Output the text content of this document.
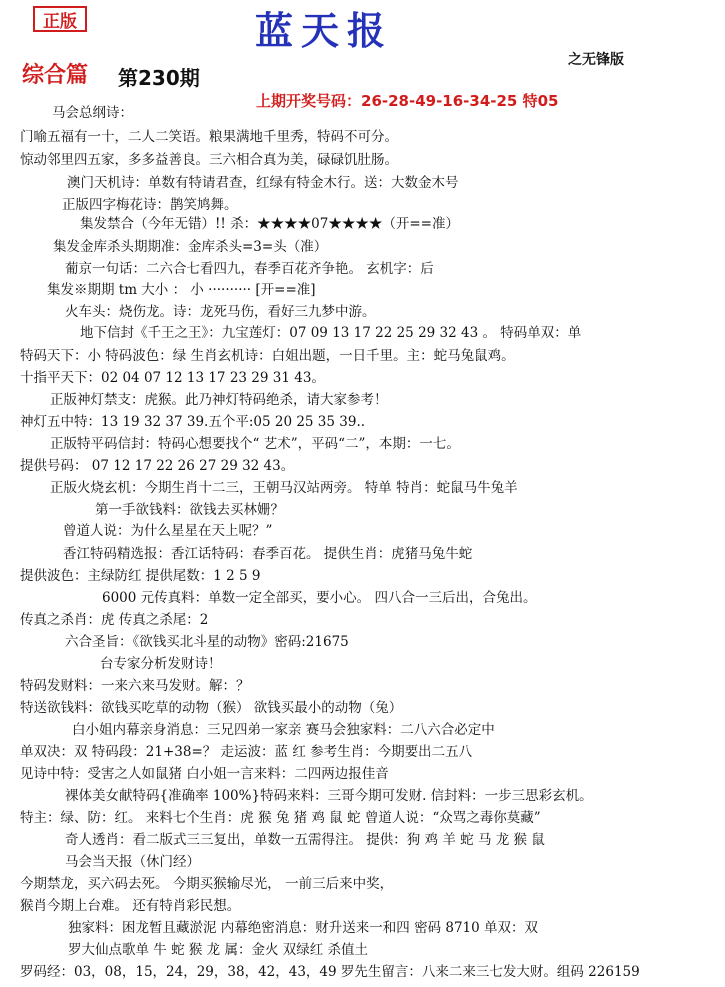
正版	蓝天报
之无锋版
综合篇 第230期
上期开奖号码：26-28-49-16-34-25 特05
马会总纲诗：
门喻五福有一十，二人二笑语。粮果满地千里秀，特码不可分。
惊动邻里四五家，多多益善良。三六相合真为美，碌碌饥肚肠。
澳门天机诗：单数有特请君查，红绿有特金木行。送：大数金木号
正版四字梅花诗：鹊笑鸠舞。
集发禁合（今年无错）!! 杀：★★★★07★★★★（开==准）
集发金库杀头期期准：金库杀头=3=头（准）
葡京一句话：二六合七看四九，春季百花齐争艳。 玄机字：后
集发※期期 tm 大小 ： 小 ·········· [开==准]
火车头：烧伤龙。诗：龙死马伤，看好三九梦中游。
地下信封《千王之王》：九宝莲灯：07 09 13 17 22 25 29 32 43 。 特码单双：单
特码天下：小 特码波色：绿 生肖玄机诗：白姐出题，一日千里。主：蛇马兔鼠鸡。
十指平天下：02 04 07 12 13 17 23 29 31 43。
正版神灯禁支：虎猴。此乃神灯特码绝杀，请大家参考！
神灯五中特：13 19 32 37 39.五个平:05 20 25 35 39..
正版特平码信封：特码心想要找个“ 艺术”，平码“二”，本期：一七。
提供号码： 07 12 17 22 26 27 29 32 43。
正版火烧玄机：今期生肖十二三，王朝马汉站两旁。 特单 特肖：蛇鼠马牛兔羊
第一手欲钱料：欲钱去买林姗？
曾道人说：为什么星星在天上呢？”
香江特码精选报：香江话特码：春季百花。 提供生肖：虎猪马兔牛蛇
提供波色：主绿防红 提供尾数：1 2 5 9
6000 元传真料：单数一定全部买，要小心。 四八合一三后出，合兔出。
传真之杀肖：虎 传真之杀尾：2
六合圣旨：《欲钱买北斗星的动物》密码:21675
台专家分析发财诗！
特码发财料：一来六来马发财。解：？
特送欲钱料：欲钱买吃草的动物（猴） 欲钱买最小的动物（兔）
白小姐内幕亲身消息：三兄四弟一家亲 赛马会独家料：二八六合必定中
单双决：双 特码段：21+38=？ 走运波：蓝 红 参考生肖：今期要出二五八
见诗中特：受害之人如鼠猪 白小姐一言来料：二四两边报佳音
裸体美女献特码{准确率 100%}特码来料：三哥今期可发财. 信封料：一步三思彩玄机。
特主：绿、防：红。 来料七个生肖：虎 猴 兔 猪 鸡 鼠 蛇 曾道人说：“众骂之毒你莫藏”
奇人透肖：看二版式三三复出，单数一五需得注。 提供：狗 鸡 羊 蛇 马 龙 猴 鼠
马会当天报（休门经）
今期禁龙，买六码去死。 今期买猴输尽光， 一前三后来中奖，
猴肖今期上台难。 还有特肖彩民想。
独家料：困龙暂且藏淤泥 内幕绝密消息：财升送来一和四 密码 8710 单双：双
罗大仙点歌单 牛 蛇 猴 龙 属：金火 双绿红 杀值土
罗码经：03，08，15，24，29，38，42，43，49 罗先生留言：八来二来三七发大财。组码 226159
